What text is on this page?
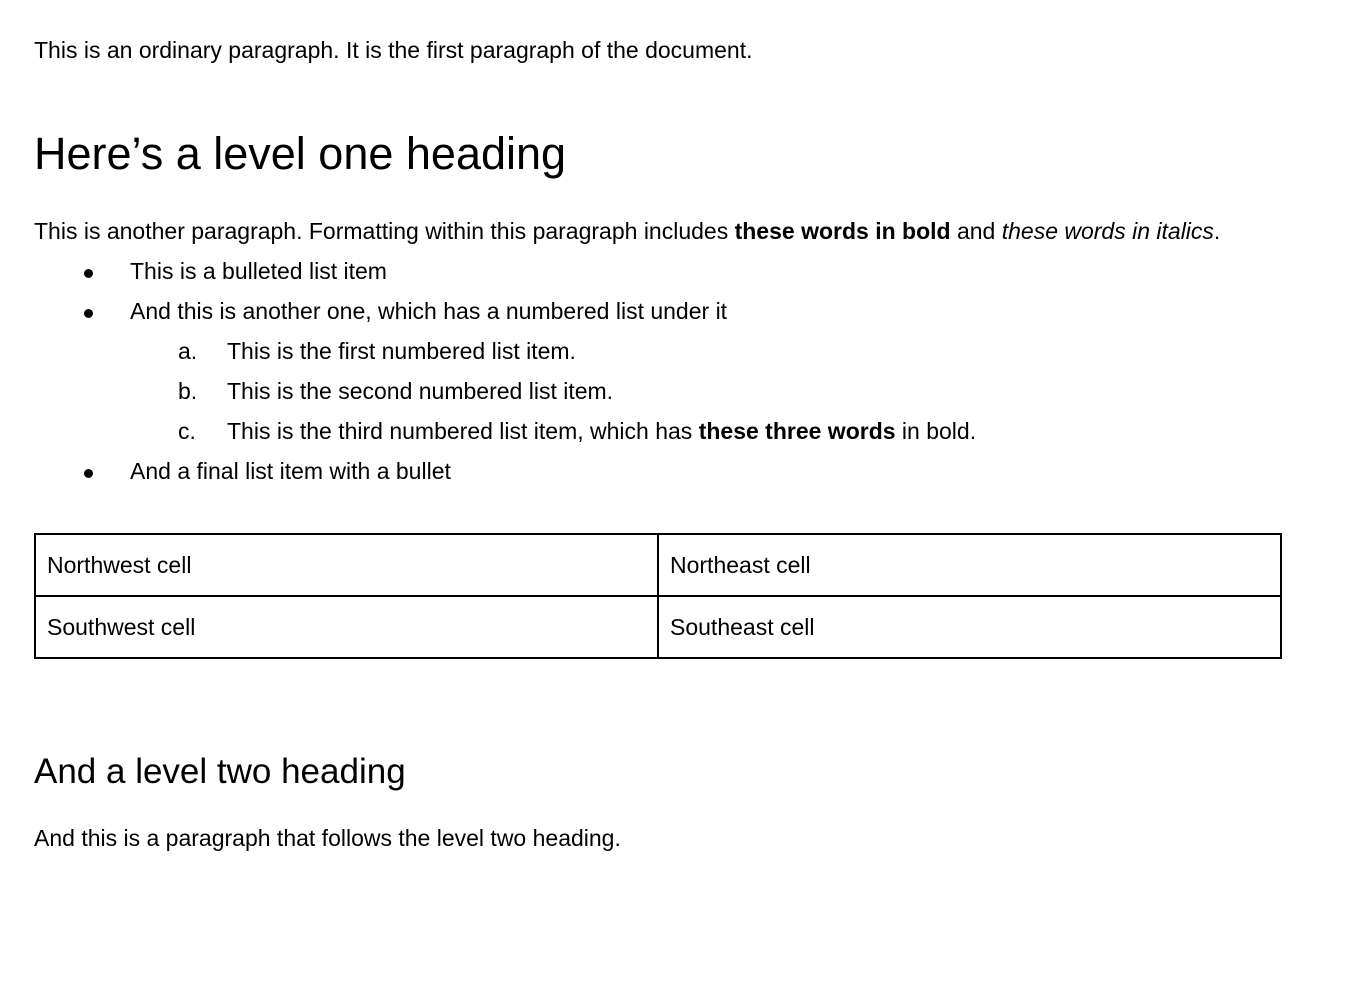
This is an ordinary paragraph. It is the first paragraph of the document.

Here’s a level one heading

This is another paragraph. Formatting within this paragraph includes these words in bold and these words in italics.

This is a bulleted list item
And this is another one, which has a numbered list under it
a. This is the first numbered list item.
b. This is the second numbered list item.
c. This is the third numbered list item, which has these three words in bold.
And a final list item with a bullet
Northwest cell	Northeast cell
Southwest cell	Southeast cell
And a level two heading

And this is a paragraph that follows the level two heading.
